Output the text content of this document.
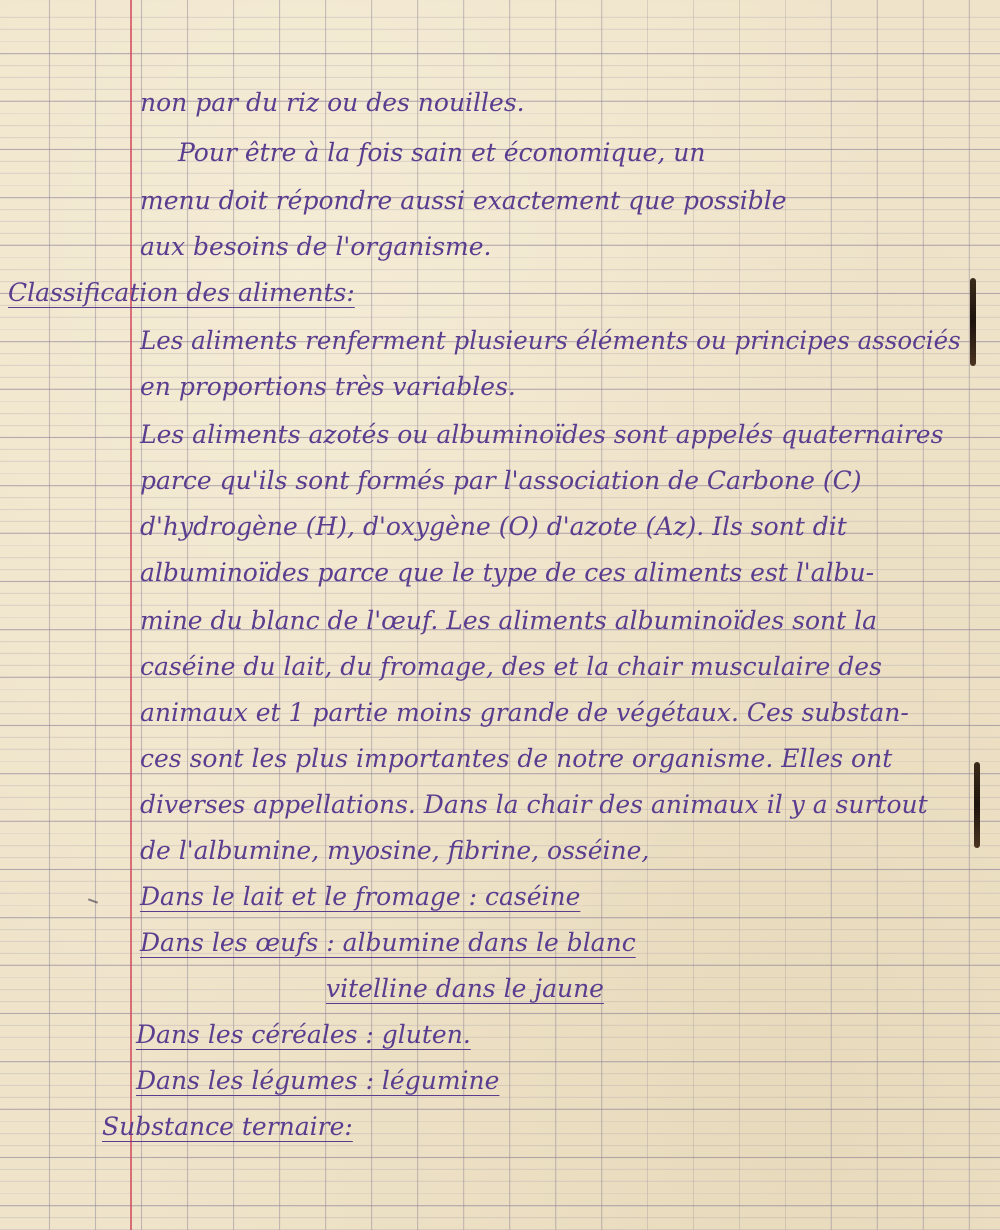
non par du riz ou des nouilles.

Pour être à la fois sain et économique, un

menu doit répondre aussi exactement que possible

aux besoins de l'organisme.

Classification des aliments:

Les aliments renferment plusieurs éléments ou principes associés

en proportions très variables.

Les aliments azotés ou albuminoïdes sont appelés quaternaires

parce qu'ils sont formés par l'association de Carbone (C)

d'hydrogène (H), d'oxygène (O) d'azote (Az). Ils sont dit

albuminoïdes parce que le type de ces aliments est l'albu-

mine du blanc de l'œuf. Les aliments albuminoïdes sont la

caséine du lait, du fromage, des et la chair musculaire des

animaux et 1 partie moins grande de végétaux. Ces substan-

ces sont les plus importantes de notre organisme. Elles ont

diverses appellations. Dans la chair des animaux il y a surtout

de l'albumine, myosine, fibrine, osséine,

Dans le lait et le fromage : caséine

Dans les œufs : albumine dans le blanc

vitelline dans le jaune

Dans les céréales : gluten.

Dans les légumes : légumine

Substance ternaire:
